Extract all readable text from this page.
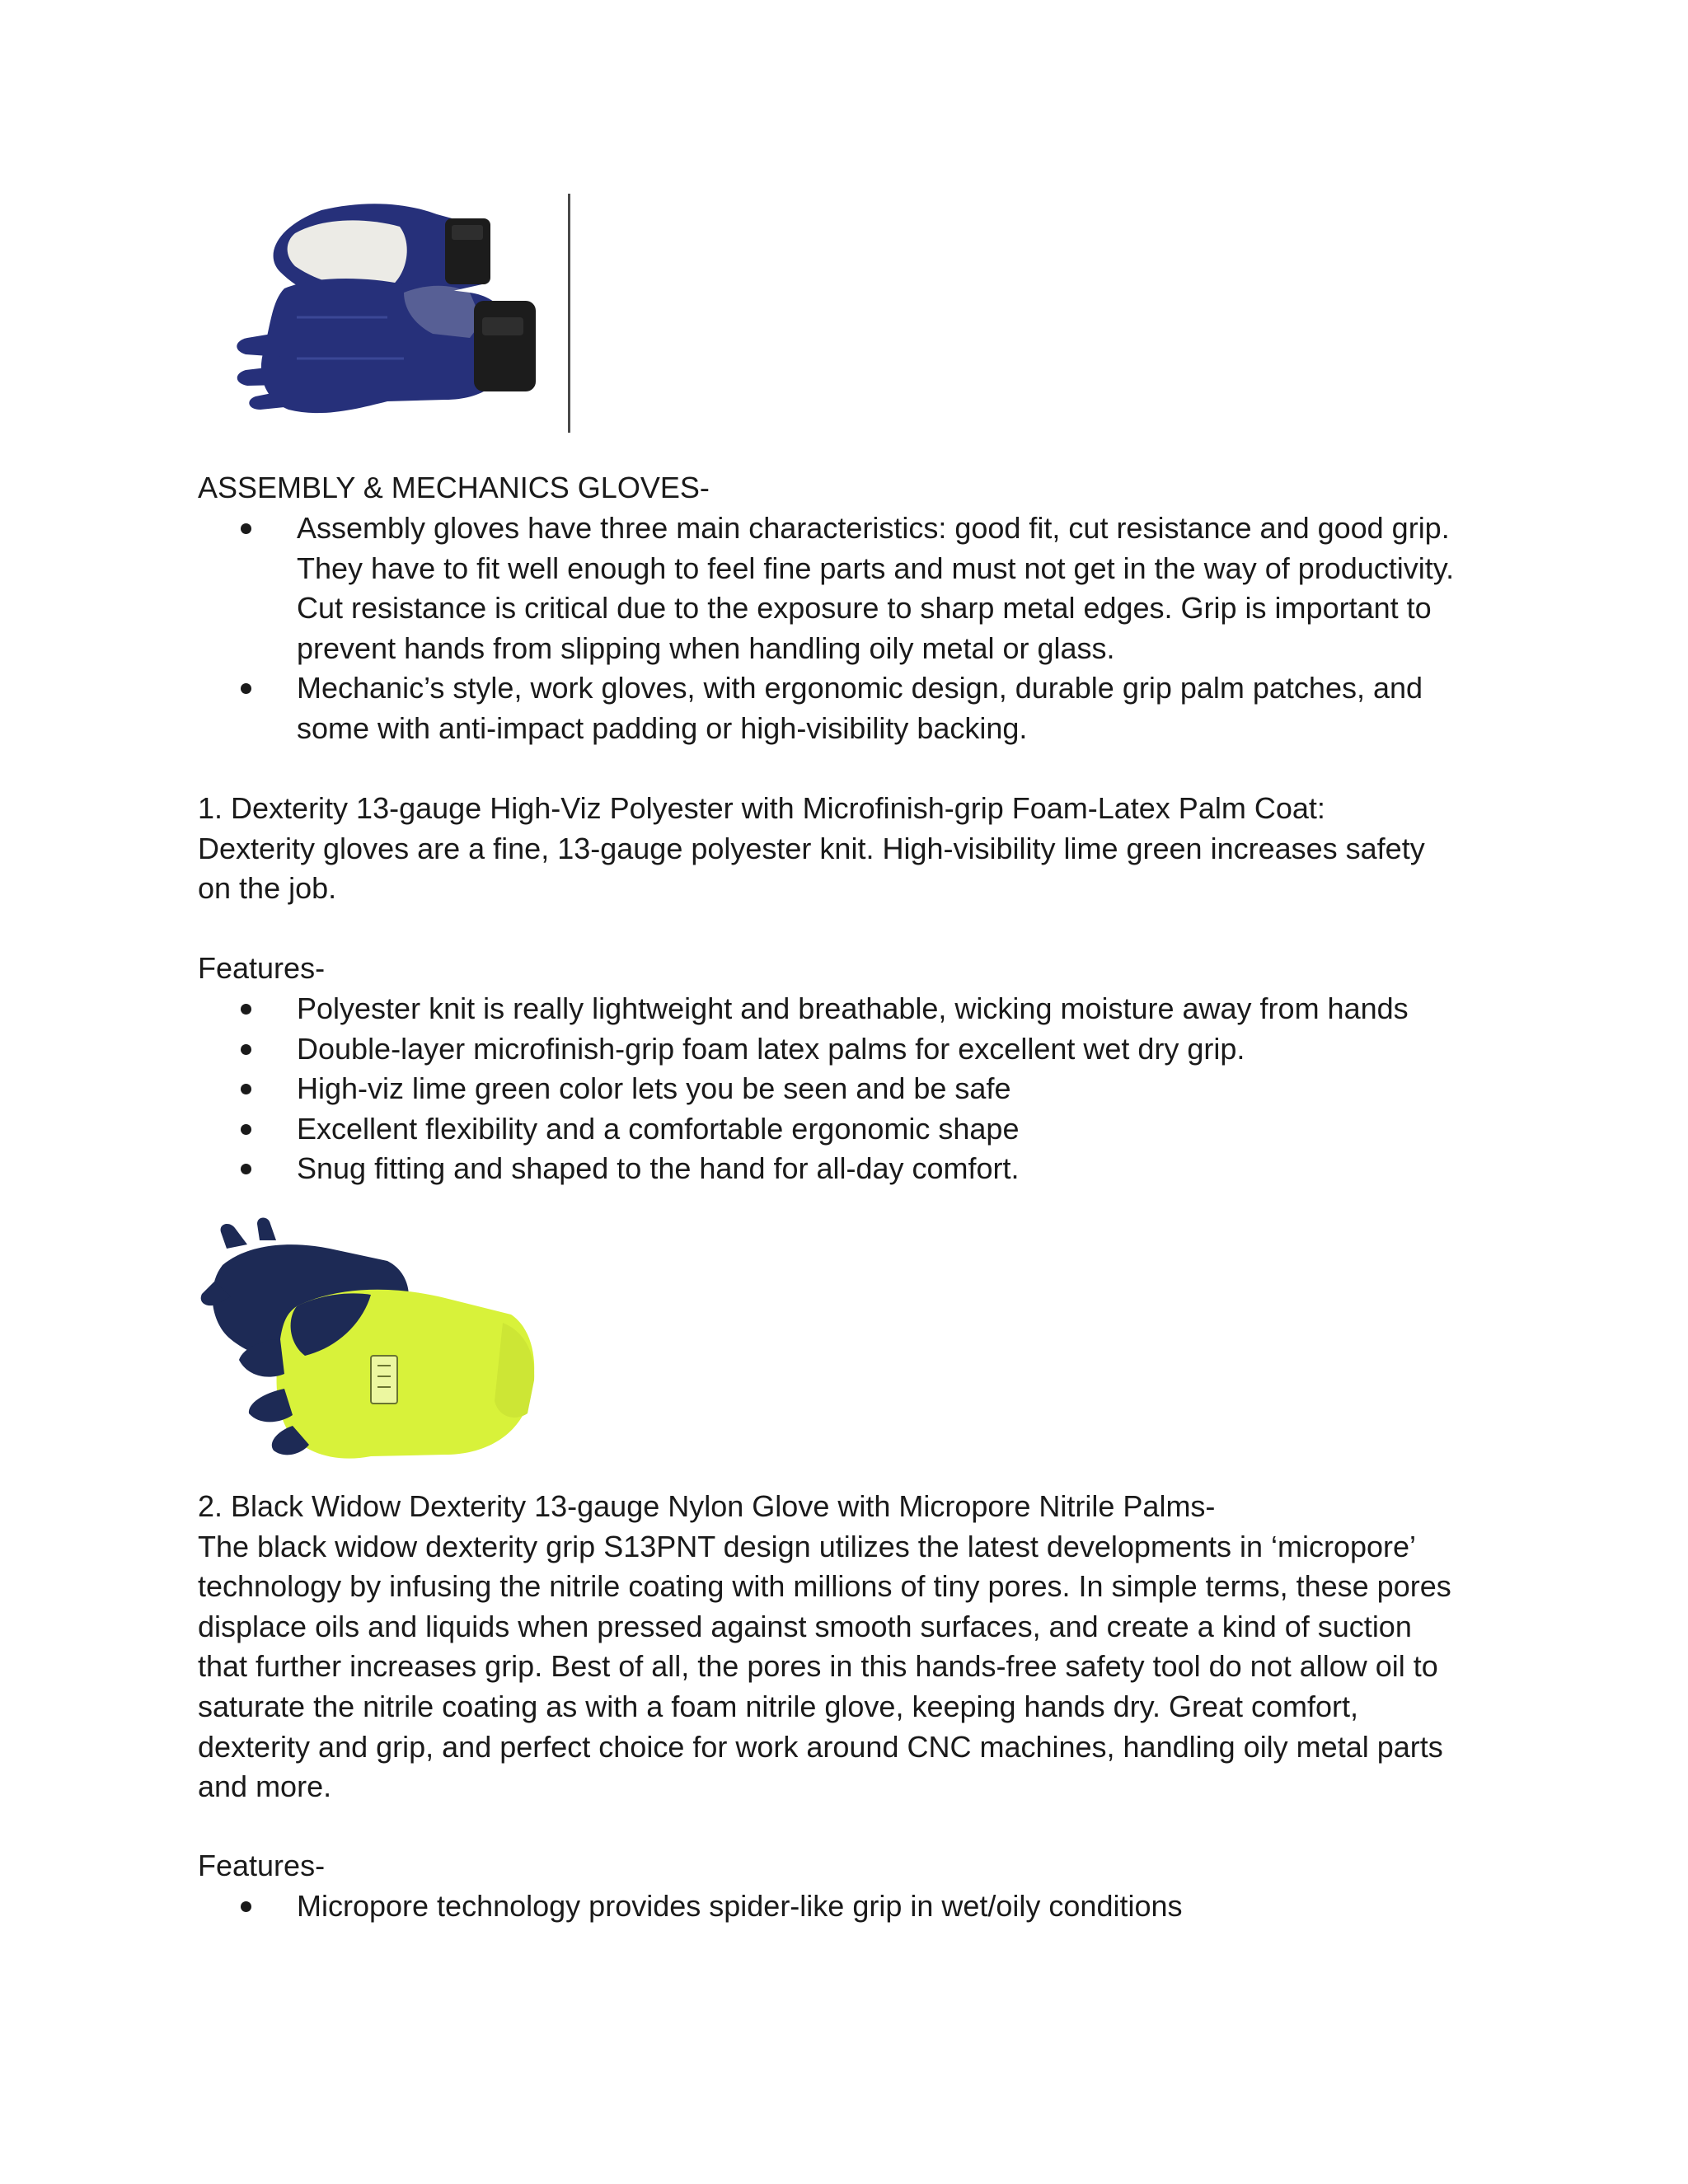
ASSEMBLY & MECHANICS GLOVES-

Assembly gloves have three main characteristics: good fit, cut resistance and good grip.
They have to fit well enough to feel fine parts and must not get in the way of productivity.
Cut resistance is critical due to the exposure to sharp metal edges. Grip is important to
prevent hands from slipping when handling oily metal or glass.
Mechanic’s style, work gloves, with ergonomic design, durable grip palm patches, and
some with anti-impact padding or high-visibility backing.

1. Dexterity 13-gauge High-Viz Polyester with Microfinish-grip Foam-Latex Palm Coat:
Dexterity gloves are a fine, 13-gauge polyester knit. High-visibility lime green increases safety
on the job.

Features-

Polyester knit is really lightweight and breathable, wicking moisture away from hands
Double-layer microfinish-grip foam latex palms for excellent wet dry grip.
High-viz lime green color lets you be seen and be safe
Excellent flexibility and a comfortable ergonomic shape
Snug fitting and shaped to the hand for all-day comfort.

2. Black Widow Dexterity 13-gauge Nylon Glove with Micropore Nitrile Palms-
The black widow dexterity grip S13PNT design utilizes the latest developments in ‘micropore’
technology by infusing the nitrile coating with millions of tiny pores. In simple terms, these pores
displace oils and liquids when pressed against smooth surfaces, and create a kind of suction
that further increases grip. Best of all, the pores in this hands-free safety tool do not allow oil to
saturate the nitrile coating as with a foam nitrile glove, keeping hands dry. Great comfort,
dexterity and grip, and perfect choice for work around CNC machines, handling oily metal parts
and more.

Features-

Micropore technology provides spider-like grip in wet/oily conditions
